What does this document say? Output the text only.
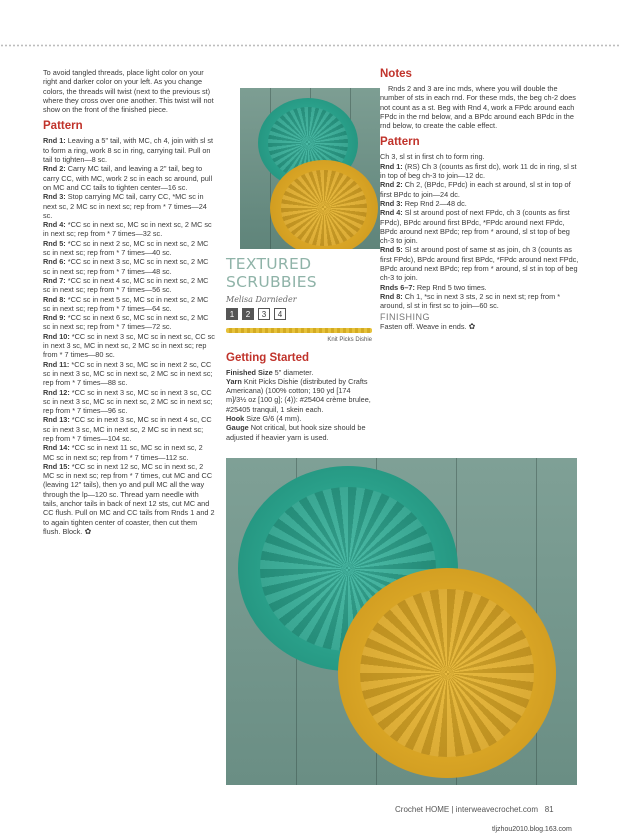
To avoid tangled threads, place light color on your right and darker color on your left. As you change colors, the threads will twist (next to the previous st) where they cross over one another. This twist will not show on the front of the finished piece.

Pattern

Rnd 1: Leaving a 5" tail, with MC, ch 4, join with sl st to form a ring, work 8 sc in ring, carrying tail. Pull on tail to tighten—8 sc.

Rnd 2: Carry MC tail, and leaving a 2" tail, beg to carry CC, with MC, work 2 sc in each sc around, pull on MC and CC tails to tighten center—16 sc.

Rnd 3: Stop carrying MC tail, carry CC, *MC sc in next sc, 2 MC sc in next sc; rep from * 7 times—24 sc.

Rnd 4: *CC sc in next sc, MC sc in next sc, 2 MC sc in next sc; rep from * 7 times—32 sc.

Rnd 5: *CC sc in next 2 sc, MC sc in next sc, 2 MC sc in next sc; rep from * 7 times—40 sc.

Rnd 6: *CC sc in next 3 sc, MC sc in next sc, 2 MC sc in next sc; rep from * 7 times—48 sc.

Rnd 7: *CC sc in next 4 sc, MC sc in next sc, 2 MC sc in next sc; rep from * 7 times—56 sc.

Rnd 8: *CC sc in next 5 sc, MC sc in next sc, 2 MC sc in next sc; rep from * 7 times—64 sc.

Rnd 9: *CC sc in next 6 sc, MC sc in next sc, 2 MC sc in next sc; rep from * 7 times—72 sc.

Rnd 10: *CC sc in next 3 sc, MC sc in next sc, CC sc in next 3 sc, MC in next sc, 2 MC sc in next sc; rep from * 7 times—80 sc.

Rnd 11: *CC sc in next 3 sc, MC sc in next 2 sc, CC sc in next 3 sc, MC sc in next sc, 2 MC sc in next sc; rep from * 7 times—88 sc.

Rnd 12: *CC sc in next 3 sc, MC sc in next 3 sc, CC sc in next 3 sc, MC sc in next sc, 2 MC sc in next sc; rep from * 7 times—96 sc.

Rnd 13: *CC sc in next 3 sc, MC sc in next 4 sc, CC sc in next 3 sc, MC in next sc, 2 MC sc in next sc; rep from * 7 times—104 sc.

Rnd 14: *CC sc in next 11 sc, MC sc in next sc, 2 MC sc in next sc; rep from * 7 times—112 sc.

Rnd 15: *CC sc in next 12 sc, MC sc in next sc, 2 MC sc in next sc; rep from * 7 times, cut MC and CC (leaving 12" tails), then yo and pull MC all the way through the lp—120 sc. Thread yarn needle with tails, anchor tails in back of next 12 sts, cut MC and CC flush. Pull on MC and CC tails from Rnds 1 and 2 to again tighten center of coaster, then cut them flush. Block. ✿

TEXTURED SCRUBBIES

Melisa Darnieder
1	2	3	4
Knit Picks Dishie
Getting Started

Finished Size 5" diameter.

Yarn Knit Picks Dishie (distributed by Crafts Americana) (100% cotton; 190 yd [174 m]/3½ oz [100 g]; (4)): #25404 crème brulee, #25405 tranquil, 1 skein each.

Hook Size G/6 (4 mm).

Gauge Not critical, but hook size should be adjusted if heavier yarn is used.

Notes

Rnds 2 and 3 are inc rnds, where you will double the number of sts in each rnd. For these rnds, the beg ch-2 does not count as a st. Beg with Rnd 4, work a FPdc around each FPdc in the rnd below, and a BPdc around each BPdc in the rnd below, to create the cable effect.

Pattern

Ch 3, sl st in first ch to form ring.

Rnd 1: (RS) Ch 3 (counts as first dc), work 11 dc in ring, sl st in top of beg ch-3 to join—12 dc.

Rnd 2: Ch 2, (BPdc, FPdc) in each st around, sl st in top of first BPdc to join—24 dc.

Rnd 3: Rep Rnd 2—48 dc.

Rnd 4: Sl st around post of next FPdc, ch 3 (counts as first FPdc), BPdc around first BPdc, *FPdc around next FPdc, BPdc around next BPdc; rep from * around, sl st top of beg ch-3 to join.

Rnd 5: Sl st around post of same st as join, ch 3 (counts as first FPdc), BPdc around first BPdc, *FPdc around next FPdc, BPdc around next BPdc; rep from * around, sl st in top of beg ch-3 to join.

Rnds 6–7: Rep Rnd 5 two times.

Rnd 8: Ch 1, *sc in next 3 sts, 2 sc in next st; rep from * around, sl st in first sc to join—60 sc.

FINISHING

Fasten off. Weave in ends. ✿

Crochet HOME | interweavecrochet.com 81
tljzhou2010.blog.163.com
